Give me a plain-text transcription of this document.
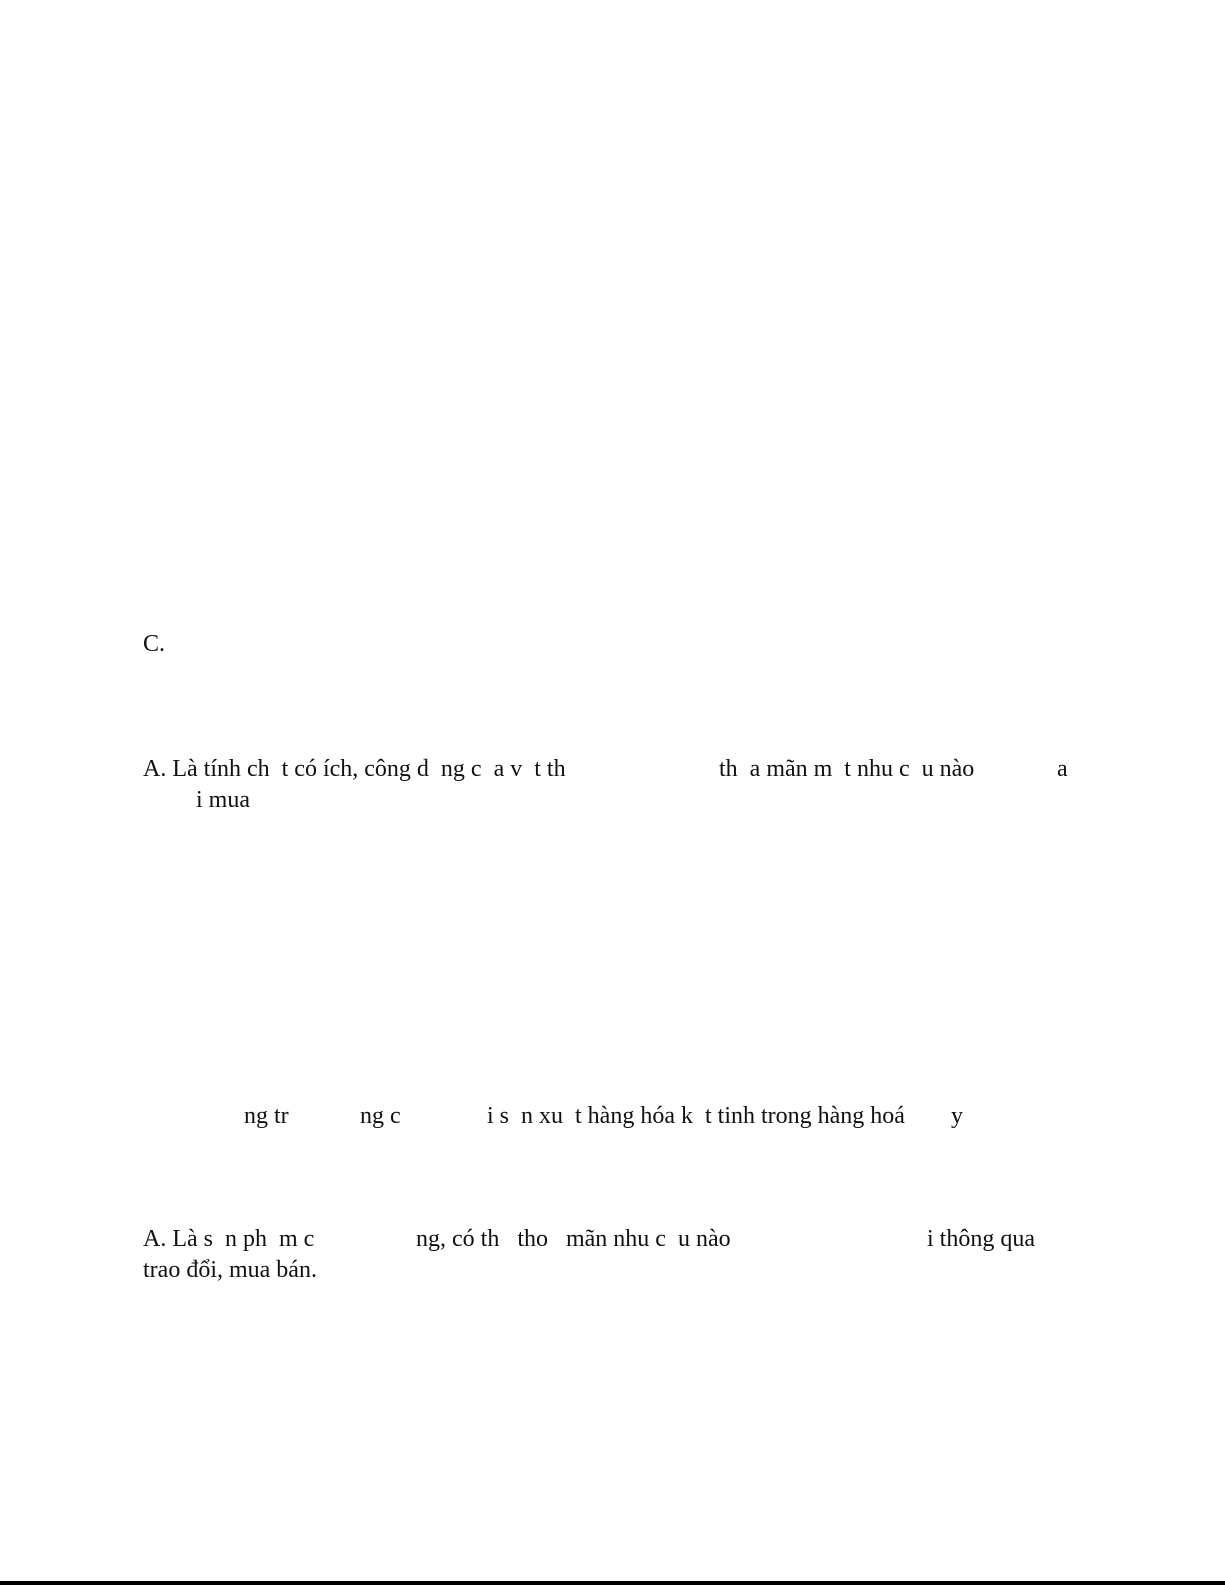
C.

A. Là tính ch  t có ích, công d  ng c  a v  t th	th  a mãn m  t nhu c  u nào	a

i mua

ng tr	ng c	i s  n xu  t hàng hóa k  t tinh trong hàng hoá y

A. Là s  n ph  m c	ng, có th   tho   mãn nhu c  u nào	i thông qua

trao đổi, mua bán.
